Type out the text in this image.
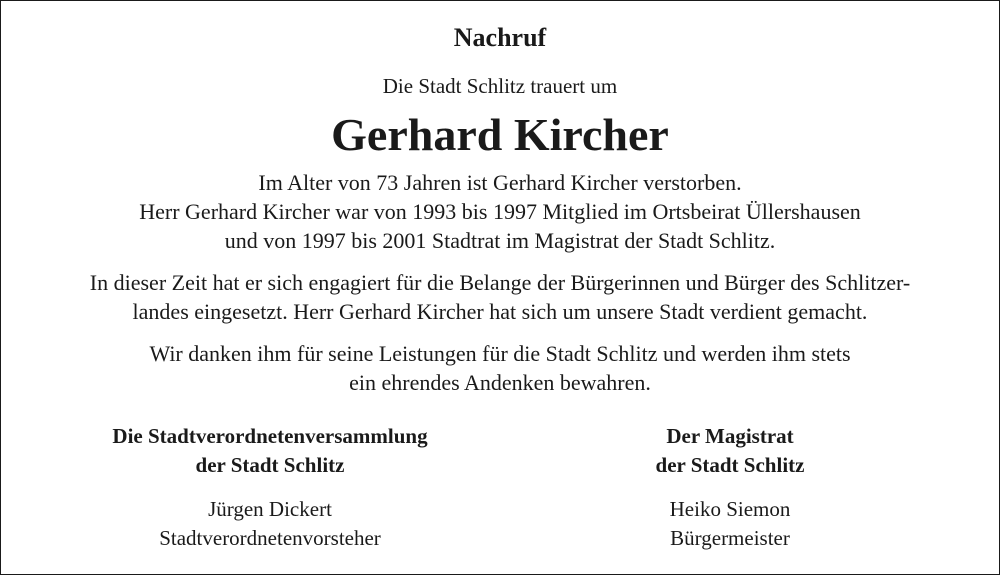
Nachruf
Die Stadt Schlitz trauert um
Gerhard Kircher
Im Alter von 73 Jahren ist Gerhard Kircher verstorben.
Herr Gerhard Kircher war von 1993 bis 1997 Mitglied im Ortsbeirat Üllershausen
und von 1997 bis 2001 Stadtrat im Magistrat der Stadt Schlitz.
In dieser Zeit hat er sich engagiert für die Belange der Bürgerinnen und Bürger des Schlitzer-
landes eingesetzt. Herr Gerhard Kircher hat sich um unsere Stadt verdient gemacht.
Wir danken ihm für seine Leistungen für die Stadt Schlitz und werden ihm stets
ein ehrendes Andenken bewahren.
Die Stadtverordnetenversammlung
der Stadt Schlitz
Jürgen Dickert
Stadtverordnetenvorsteher
Der Magistrat
der Stadt Schlitz
Heiko Siemon
Bürgermeister
